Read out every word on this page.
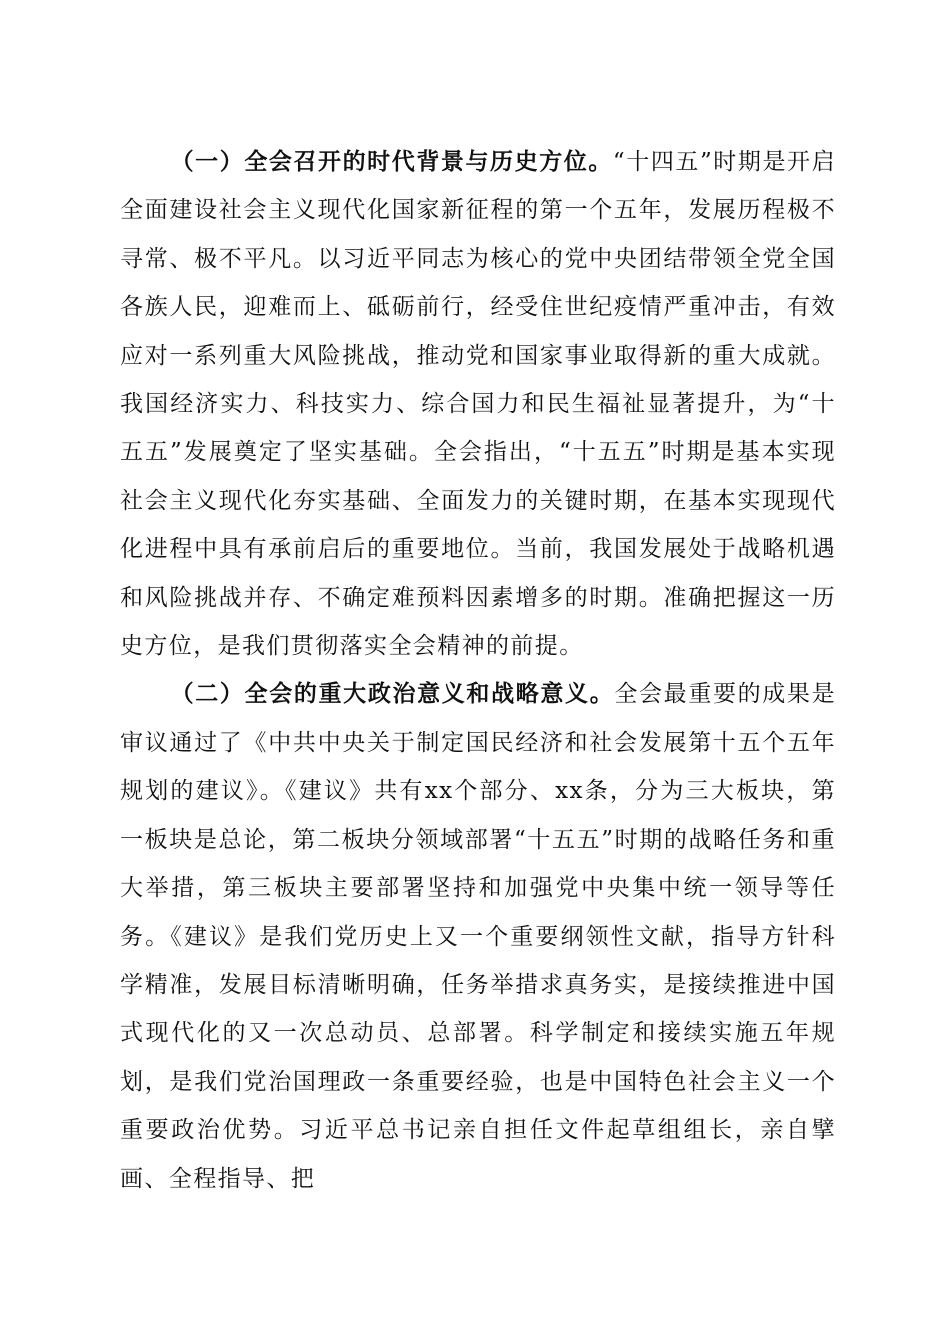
（一）全会召开的时代背景与历史方位。“十四五”时期是开启全面建设社会主义现代化国家新征程的第一个五年，发展历程极不寻常、极不平凡。以习近平同志为核心的党中央团结带领全党全国各族人民，迎难而上、砥砺前行，经受住世纪疫情严重冲击，有效应对一系列重大风险挑战，推动党和国家事业取得新的重大成就。我国经济实力、科技实力、综合国力和民生福祉显著提升，为“十五五”发展奠定了坚实基础。全会指出，“十五五”时期是基本实现社会主义现代化夯实基础、全面发力的关键时期，在基本实现现代化进程中具有承前启后的重要地位。当前，我国发展处于战略机遇和风险挑战并存、不确定难预料因素增多的时期。准确把握这一历史方位，是我们贯彻落实全会精神的前提。

（二）全会的重大政治意义和战略意义。全会最重要的成果是审议通过了《中共中央关于制定国民经济和社会发展第十五个五年规划的建议》。《建议》共有xx个部分、xx条，分为三大板块，第一板块是总论，第二板块分领域部署“十五五”时期的战略任务和重大举措，第三板块主要部署坚持和加强党中央集中统一领导等任务。《建议》是我们党历史上又一个重要纲领性文献，指导方针科学精准，发展目标清晰明确，任务举措求真务实，是接续推进中国式现代化的又一次总动员、总部署。科学制定和接续实施五年规划，是我们党治国理政一条重要经验，也是中国特色社会主义一个重要政治优势。习近平总书记亲自担任文件起草组组长，亲自擘画、全程指导、把
